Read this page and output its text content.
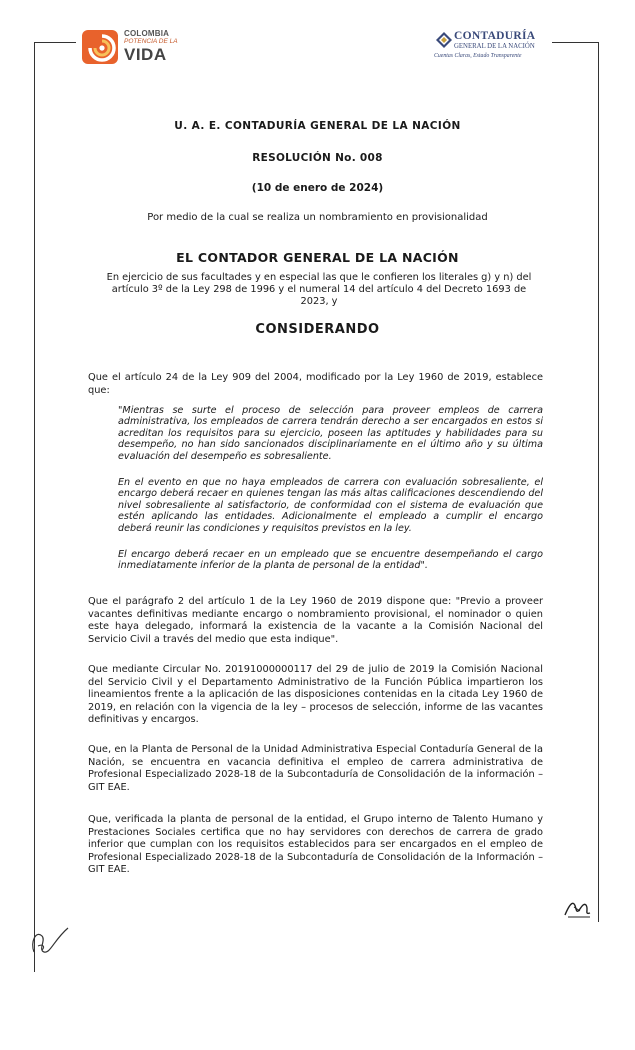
COLOMBIA
POTENCIA DE LA
VIDA
CONTADURÍA
GENERAL DE LA NACIÓN
Cuentas Claras, Estado Transparente
U. A. E. CONTADURÍA GENERAL DE LA NACIÓN
RESOLUCIÓN No. 008
(10 de enero de 2024)
Por medio de la cual se realiza un nombramiento en provisionalidad
EL CONTADOR GENERAL DE LA NACIÓN
En ejercicio de sus facultades y en especial las que le confieren los literales g) y n) del artículo 3º de la Ley 298 de 1996 y el numeral 14 del artículo 4 del Decreto 1693 de 2023, y
CONSIDERANDO
Que el artículo 24 de la Ley 909 del 2004, modificado por la Ley 1960 de 2019, establece que:
"Mientras se surte el proceso de selección para proveer empleos de carrera administrativa, los empleados de carrera tendrán derecho a ser encargados en estos si acreditan los requisitos para su ejercicio, poseen las aptitudes y habilidades para su desempeño, no han sido sancionados disciplinariamente en el último año y su última evaluación del desempeño es sobresaliente.
En el evento en que no haya empleados de carrera con evaluación sobresaliente, el encargo deberá recaer en quienes tengan las más altas calificaciones descendiendo del nivel sobresaliente al satisfactorio, de conformidad con el sistema de evaluación que estén aplicando las entidades. Adicionalmente el empleado a cumplir el encargo deberá reunir las condiciones y requisitos previstos en la ley.
El encargo deberá recaer en un empleado que se encuentre desempeñando el cargo inmediatamente inferior de la planta de personal de la entidad".
Que el parágrafo 2 del artículo 1 de la Ley 1960 de 2019 dispone que: "Previo a proveer vacantes definitivas mediante encargo o nombramiento provisional, el nominador o quien este haya delegado, informará la existencia de la vacante a la Comisión Nacional del Servicio Civil a través del medio que esta indique".
Que mediante Circular No. 20191000000117 del 29 de julio de 2019 la Comisión Nacional del Servicio Civil y el Departamento Administrativo de la Función Pública impartieron los lineamientos frente a la aplicación de las disposiciones contenidas en la citada Ley 1960 de 2019, en relación con la vigencia de la ley – procesos de selección, informe de las vacantes definitivas y encargos.
Que, en la Planta de Personal de la Unidad Administrativa Especial Contaduría General de la Nación, se encuentra en vacancia definitiva el empleo de carrera administrativa de Profesional Especializado 2028-18 de la Subcontaduría de Consolidación de la información – GIT EAE.
Que, verificada la planta de personal de la entidad, el Grupo interno de Talento Humano y Prestaciones Sociales certifica que no hay servidores con derechos de carrera de grado inferior que cumplan con los requisitos establecidos para ser encargados en el empleo de Profesional Especializado 2028-18 de la Subcontaduría de Consolidación de la Información – GIT EAE.
